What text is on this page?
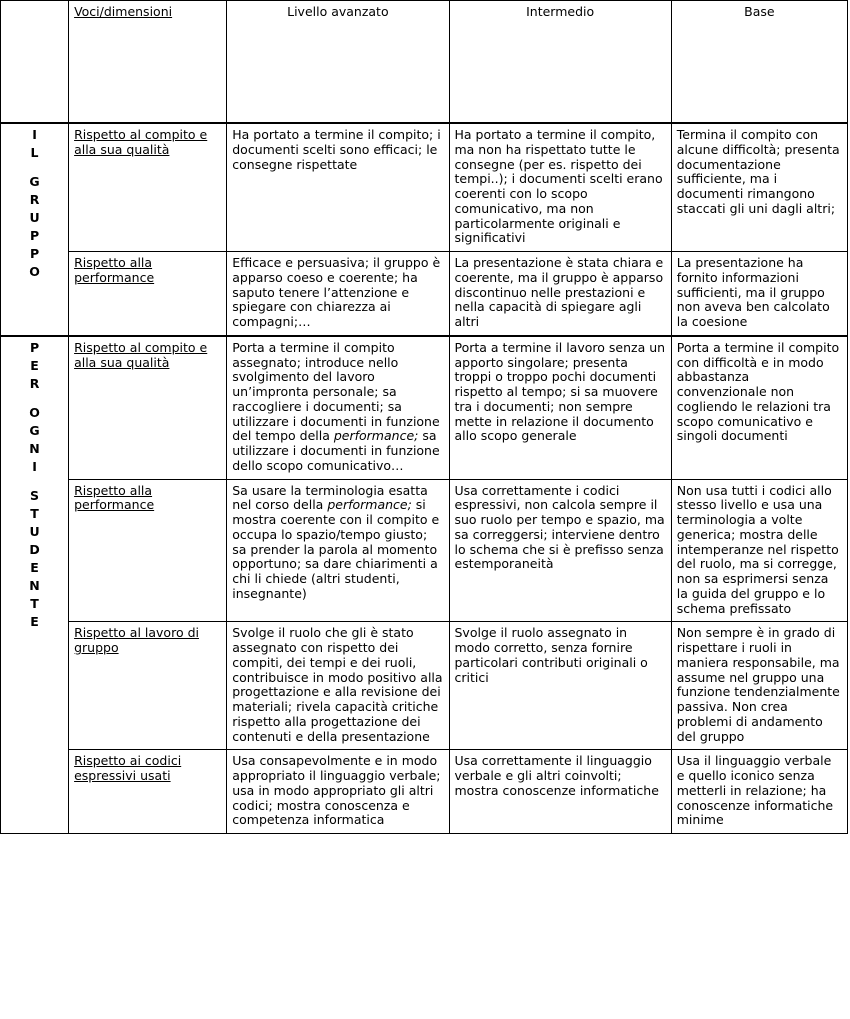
	Voci/dimensioni	Livello avanzato	Intermedio	Base

I
L
G
R
U
P
P
O
	Rispetto al compito e alla sua qualità	Ha portato a termine il compito; i documenti scelti sono efficaci; le consegne rispettate	Ha portato a termine il compito, ma non ha rispettato tutte le consegne (per es. rispetto dei tempi..); i documenti scelti erano coerenti con lo scopo comunicativo, ma non particolarmente originali e significativi	Termina il compito con alcune difficoltà; presenta documentazione sufficiente, ma i documenti rimangono staccati gli uni dagli altri;
	Rispetto alla performance	Efficace e persuasiva; il gruppo è apparso coeso e coerente; ha saputo tenere l’attenzione e spiegare con chiarezza ai compagni;…	La presentazione è stata chiara e coerente, ma il gruppo è apparso discontinuo nelle prestazioni e nella capacità di spiegare agli altri	La presentazione ha fornito informazioni sufficienti, ma il gruppo non aveva ben calcolato la coesione

P
E
R
O
G
N
I
S
T
U
D
E
N
T
E
	Rispetto al compito e alla sua qualità	Porta a termine il compito assegnato; introduce nello svolgimento del lavoro un’impronta personale; sa raccogliere i documenti; sa utilizzare i documenti in funzione del tempo della performance; sa utilizzare i documenti in funzione dello scopo comunicativo…	Porta a termine il lavoro senza un apporto singolare; presenta troppi o troppo pochi documenti rispetto al tempo; si sa muovere tra i documenti; non sempre mette in relazione il documento allo scopo generale	Porta a termine il compito con difficoltà e in modo abbastanza convenzionale non cogliendo le relazioni tra scopo comunicativo e singoli documenti
Rispetto alla performance	Sa usare la terminologia esatta nel corso della performance; si mostra coerente con il compito e occupa lo spazio/tempo giusto; sa prender la parola al momento opportuno; sa dare chiarimenti a chi li chiede (altri studenti, insegnante)	Usa correttamente i codici espressivi, non calcola sempre il suo ruolo per tempo e spazio, ma sa correggersi; interviene dentro lo schema che si è prefisso senza estemporaneità	Non usa tutti i codici allo stesso livello e usa una terminologia a volte generica; mostra delle intemperanze nel rispetto del ruolo, ma si corregge, non sa esprimersi senza la guida del gruppo e lo schema prefissato
	Rispetto al lavoro di gruppo	Svolge il ruolo che gli è stato assegnato con rispetto dei compiti, dei tempi e dei ruoli, contribuisce in modo positivo alla progettazione e alla revisione dei materiali; rivela capacità critiche rispetto alla progettazione dei contenuti e della presentazione	Svolge il ruolo assegnato in modo corretto, senza fornire particolari contributi originali o critici	Non sempre è in grado di rispettare i ruoli in maniera responsabile, ma assume nel gruppo una funzione tendenzialmente passiva. Non crea problemi di andamento del gruppo
	Rispetto ai codici espressivi usati	Usa consapevolmente e in modo appropriato il linguaggio verbale; usa in modo appropriato gli altri codici; mostra conoscenza e competenza informatica	Usa correttamente il linguaggio verbale e gli altri coinvolti; mostra conoscenze informatiche	Usa il linguaggio verbale e quello iconico senza metterli in relazione; ha conoscenze informatiche minime
